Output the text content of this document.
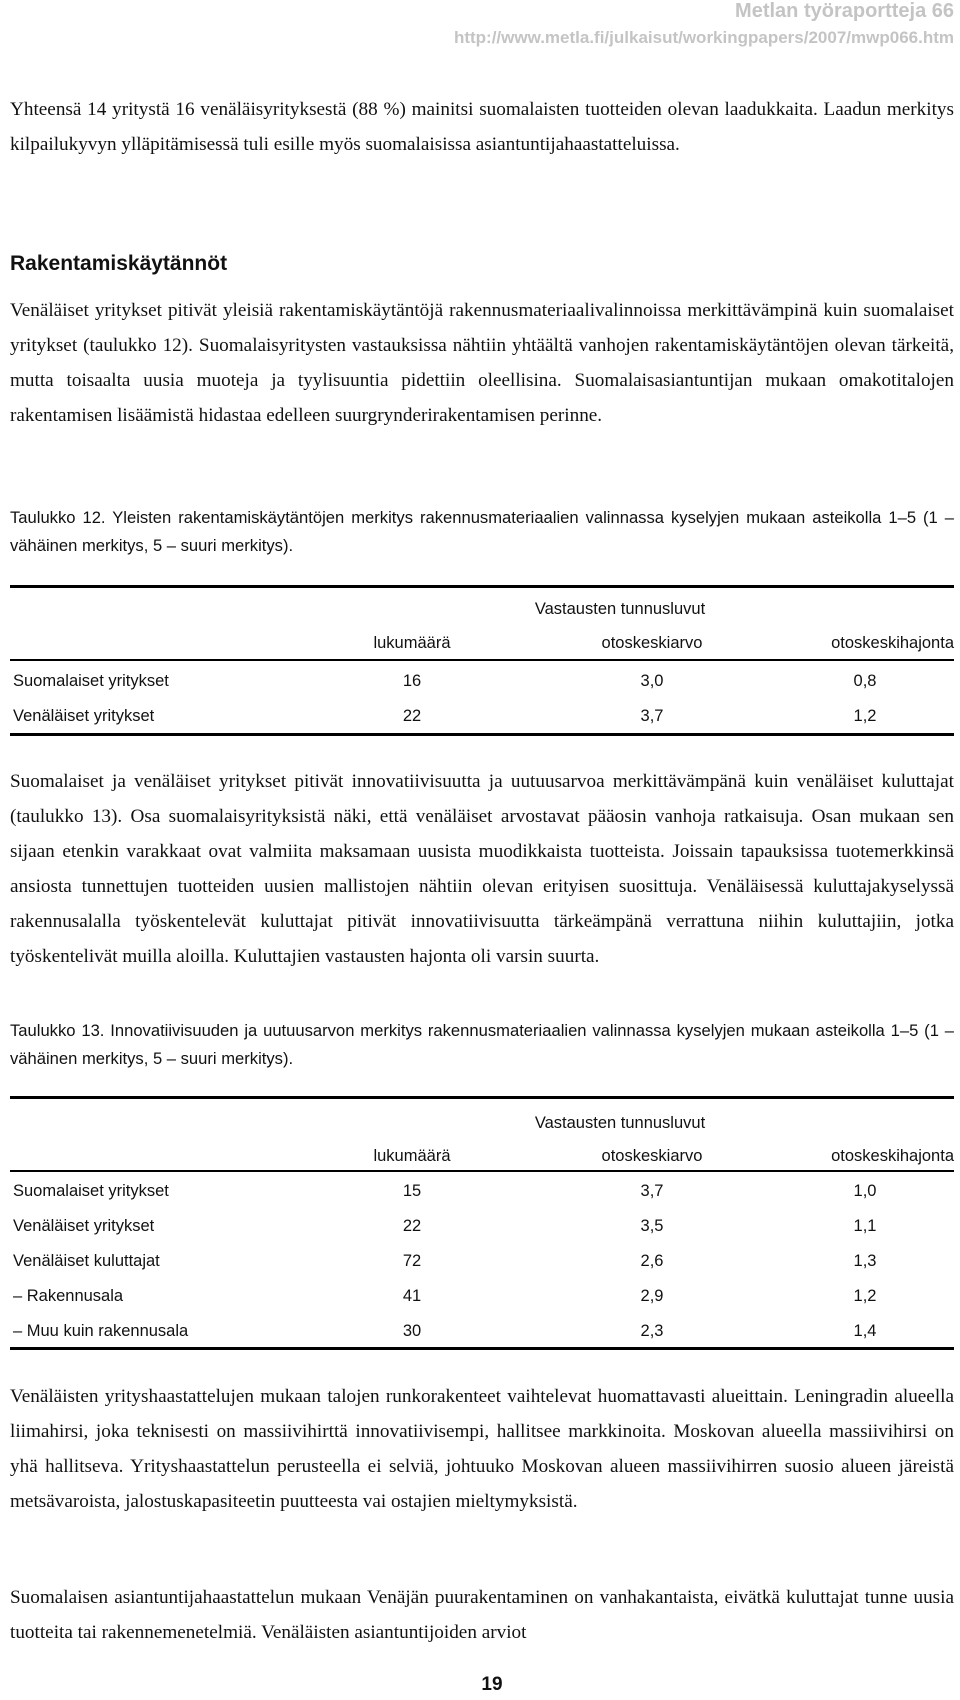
Metlan työraportteja 66
http://www.metla.fi/julkaisut/workingpapers/2007/mwp066.htm

Yhteensä 14 yritystä 16 venäläisyrityksestä (88 %) mainitsi suomalaisten tuotteiden olevan laadukkaita. Laadun merkitys kilpailukyvyn ylläpitämisessä tuli esille myös suomalaisissa asiantuntijahaastatteluissa.

Rakentamiskäytännöt

Venäläiset yritykset pitivät yleisiä rakentamiskäytäntöjä rakennusmateriaalivalinnoissa merkittävämpinä kuin suomalaiset yritykset (taulukko 12). Suomalaisyritysten vastauksissa nähtiin yhtäältä vanhojen rakentamiskäytäntöjen olevan tärkeitä, mutta toisaalta uusia muoteja ja tyylisuuntia pidettiin oleellisina. Suomalaisasiantuntijan mukaan omakotitalojen rakentamisen lisäämistä hidastaa edelleen suurgrynderirakentamisen perinne.

Taulukko 12. Yleisten rakentamiskäytäntöjen merkitys rakennusmateriaalien valinnassa kyselyjen mukaan asteikolla 1–5 (1 – vähäinen merkitys, 5 – suuri merkitys).

Vastausten tunnusluvut
lukumäärä	otoskeskiarvo	otoskeskihajonta
Suomalaiset yritykset	16	3,0	0,8
Venäläiset yritykset	22	3,7	1,2

Suomalaiset ja venäläiset yritykset pitivät innovatiivisuutta ja uutuusarvoa merkittävämpänä kuin venäläiset kuluttajat (taulukko 13). Osa suomalaisyrityksistä näki, että venäläiset arvostavat pääosin vanhoja ratkaisuja. Osan mukaan sen sijaan etenkin varakkaat ovat valmiita maksamaan uusista muodikkaista tuotteista. Joissain tapauksissa tuotemerkkinsä ansiosta tunnettujen tuotteiden uusien mallistojen nähtiin olevan erityisen suosittuja. Venäläisessä kuluttajakyselyssä rakennusalalla työskentelevät kuluttajat pitivät innovatiivisuutta tärkeämpänä verrattuna niihin kuluttajiin, jotka työskentelivät muilla aloilla. Kuluttajien vastausten hajonta oli varsin suurta.

Taulukko 13. Innovatiivisuuden ja uutuusarvon merkitys rakennusmateriaalien valinnassa kyselyjen mukaan asteikolla 1–5 (1 – vähäinen merkitys, 5 – suuri merkitys).

Vastausten tunnusluvut
lukumäärä	otoskeskiarvo	otoskeskihajonta
Suomalaiset yritykset	15	3,7	1,0
Venäläiset yritykset	22	3,5	1,1
Venäläiset kuluttajat	72	2,6	1,3
– Rakennusala	41	2,9	1,2
– Muu kuin rakennusala	30	2,3	1,4

Venäläisten yrityshaastattelujen mukaan talojen runkorakenteet vaihtelevat huomattavasti alueittain. Leningradin alueella liimahirsi, joka teknisesti on massiivihirttä innovatiivisempi, hallitsee markkinoita. Moskovan alueella massiivihirsi on yhä hallitseva. Yrityshaastattelun perusteella ei selviä, johtuuko Moskovan alueen massiivihirren suosio alueen järeistä metsävaroista, jalostuskapasiteetin puutteesta vai ostajien mieltymyksistä.

Suomalaisen asiantuntijahaastattelun mukaan Venäjän puurakentaminen on vanhakantaista, eivätkä kuluttajat tunne uusia tuotteita tai rakennemenetelmiä. Venäläisten asiantuntijoiden arviot

19
